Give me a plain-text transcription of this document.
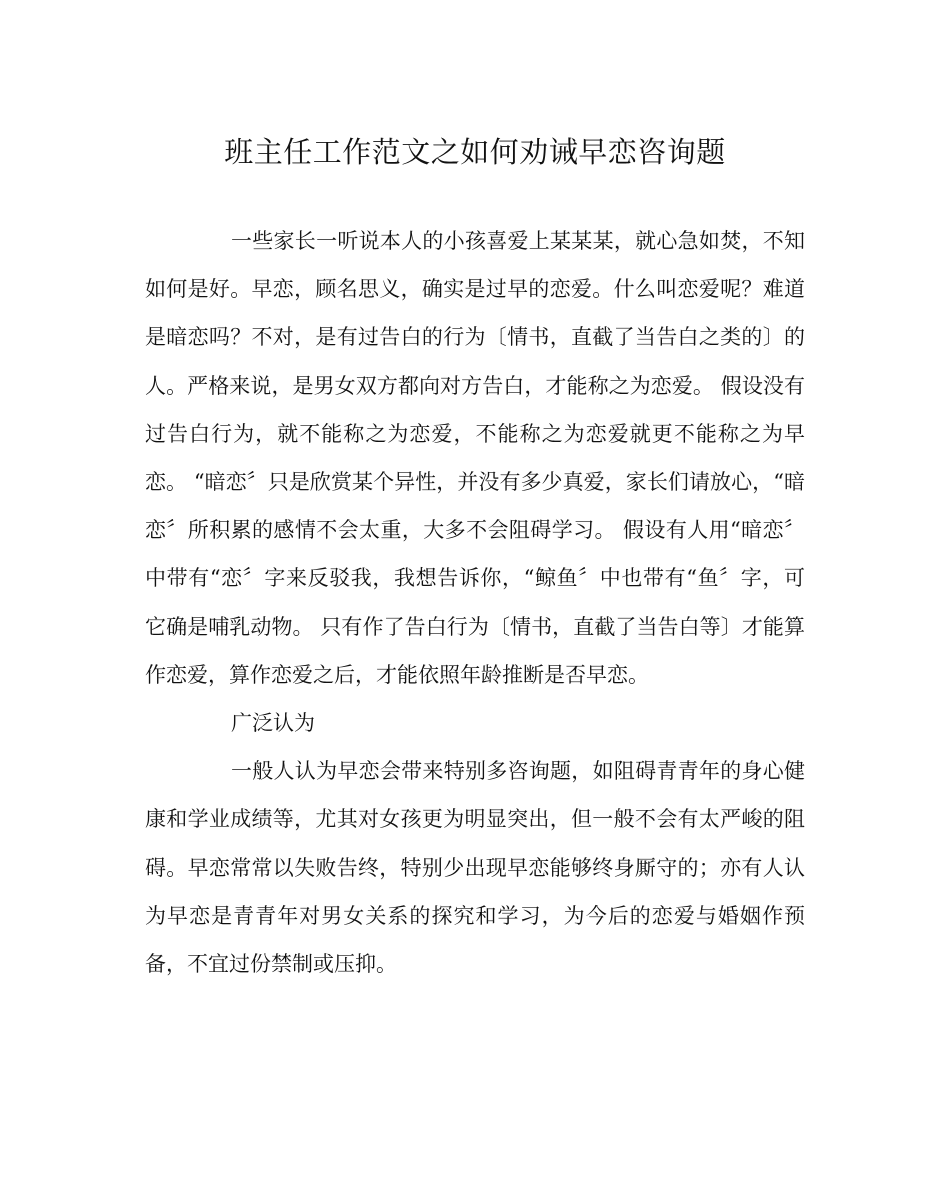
班主任工作范文之如何劝诫早恋咨询题

一些家长一听说本人的小孩喜爱上某某某，就心急如焚，不知如何是好。早恋，顾名思义，确实是过早的恋爱。什么叫恋爱呢？难道是暗恋吗？不对，是有过告白的行为〔情书，直截了当告白之类的〕的人。严格来说，是男女双方都向对方告白，才能称之为恋爱。 假设没有过告白行为，就不能称之为恋爱，不能称之为恋爱就更不能称之为早恋。 “暗恋〞只是欣赏某个异性，并没有多少真爱，家长们请放心，“暗恋〞所积累的感情不会太重，大多不会阻碍学习。 假设有人用“暗恋〞中带有“恋〞字来反驳我，我想告诉你，“鲸鱼〞中也带有“鱼〞字，可它确是哺乳动物。 只有作了告白行为〔情书，直截了当告白等〕才能算作恋爱，算作恋爱之后，才能依照年龄推断是否早恋。

广泛认为

一般人认为早恋会带来特别多咨询题，如阻碍青青年的身心健康和学业成绩等，尤其对女孩更为明显突出，但一般不会有太严峻的阻碍。早恋常常以失败告终，特别少出现早恋能够终身厮守的；亦有人认为早恋是青青年对男女关系的探究和学习，为今后的恋爱与婚姻作预备，不宜过份禁制或压抑。
